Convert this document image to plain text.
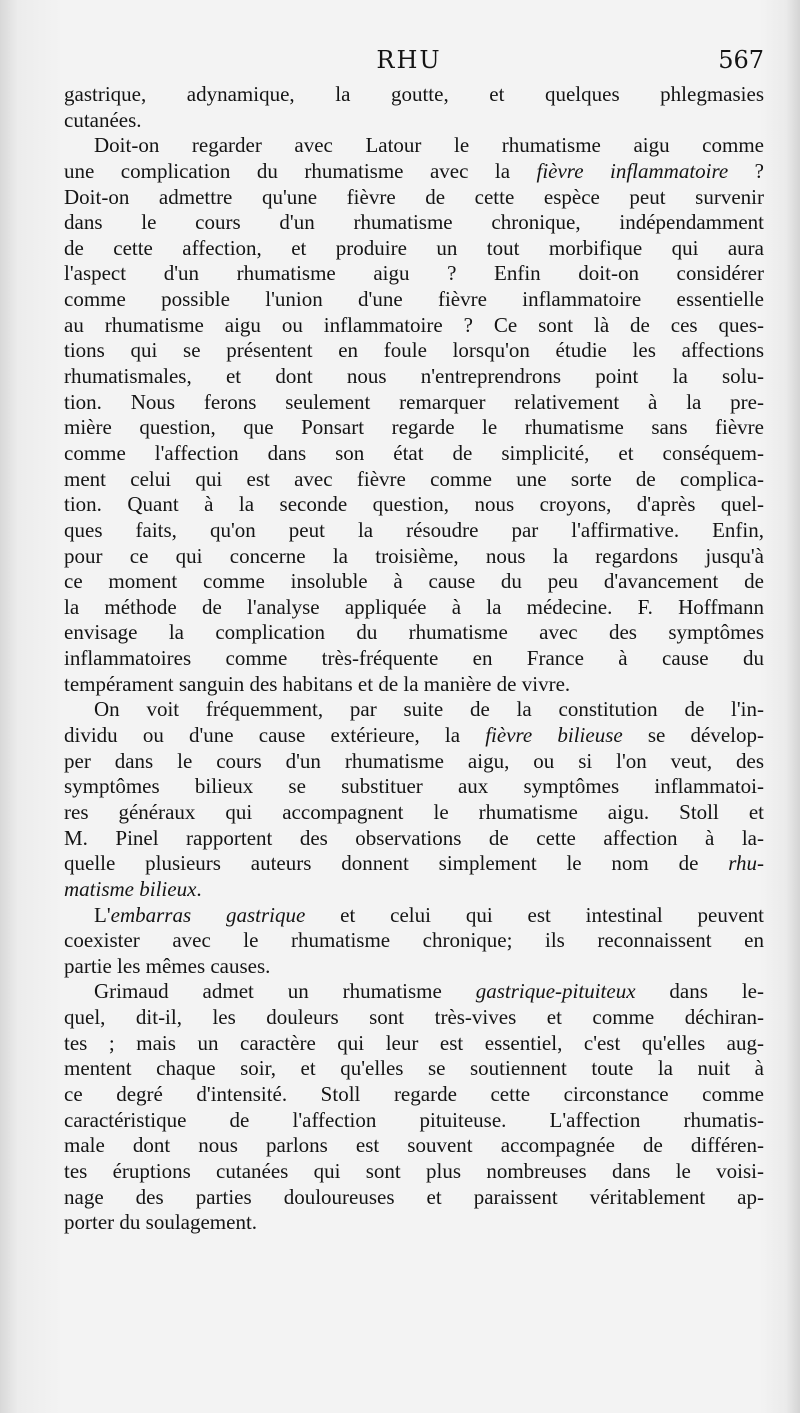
RHU	567
gastrique, adynamique, la goutte, et quelques phlegmasies
cutanées.
Doit-on regarder avec Latour le rhumatisme aigu comme
une complication du rhumatisme avec la fièvre inflammatoire ?
Doit-on admettre qu'une fièvre de cette espèce peut survenir
dans le cours d'un rhumatisme chronique, indépendamment
de cette affection, et produire un tout morbifique qui aura
l'aspect d'un rhumatisme aigu ? Enfin doit-on considérer
comme possible l'union d'une fièvre inflammatoire essentielle
au rhumatisme aigu ou inflammatoire ? Ce sont là de ces ques-
tions qui se présentent en foule lorsqu'on étudie les affections
rhumatismales, et dont nous n'entreprendrons point la solu-
tion. Nous ferons seulement remarquer relativement à la pre-
mière question, que Ponsart regarde le rhumatisme sans fièvre
comme l'affection dans son état de simplicité, et conséquem-
ment celui qui est avec fièvre comme une sorte de complica-
tion. Quant à la seconde question, nous croyons, d'après quel-
ques faits, qu'on peut la résoudre par l'affirmative. Enfin,
pour ce qui concerne la troisième, nous la regardons jusqu'à
ce moment comme insoluble à cause du peu d'avancement de
la méthode de l'analyse appliquée à la médecine. F. Hoffmann
envisage la complication du rhumatisme avec des symptômes
inflammatoires comme très-fréquente en France à cause du
tempérament sanguin des habitans et de la manière de vivre.
On voit fréquemment, par suite de la constitution de l'in-
dividu ou d'une cause extérieure, la fièvre bilieuse se dévelop-
per dans le cours d'un rhumatisme aigu, ou si l'on veut, des
symptômes bilieux se substituer aux symptômes inflammatoi-
res généraux qui accompagnent le rhumatisme aigu. Stoll et
M. Pinel rapportent des observations de cette affection à la-
quelle plusieurs auteurs donnent simplement le nom de rhu-
matisme bilieux.
L'embarras gastrique et celui qui est intestinal peuvent
coexister avec le rhumatisme chronique; ils reconnaissent en
partie les mêmes causes.
Grimaud admet un rhumatisme gastrique-pituiteux dans le-
quel, dit-il, les douleurs sont très-vives et comme déchiran-
tes ; mais un caractère qui leur est essentiel, c'est qu'elles aug-
mentent chaque soir, et qu'elles se soutiennent toute la nuit à
ce degré d'intensité. Stoll regarde cette circonstance comme
caractéristique de l'affection pituiteuse. L'affection rhumatis-
male dont nous parlons est souvent accompagnée de différen-
tes éruptions cutanées qui sont plus nombreuses dans le voisi-
nage des parties douloureuses et paraissent véritablement ap-
porter du soulagement.
